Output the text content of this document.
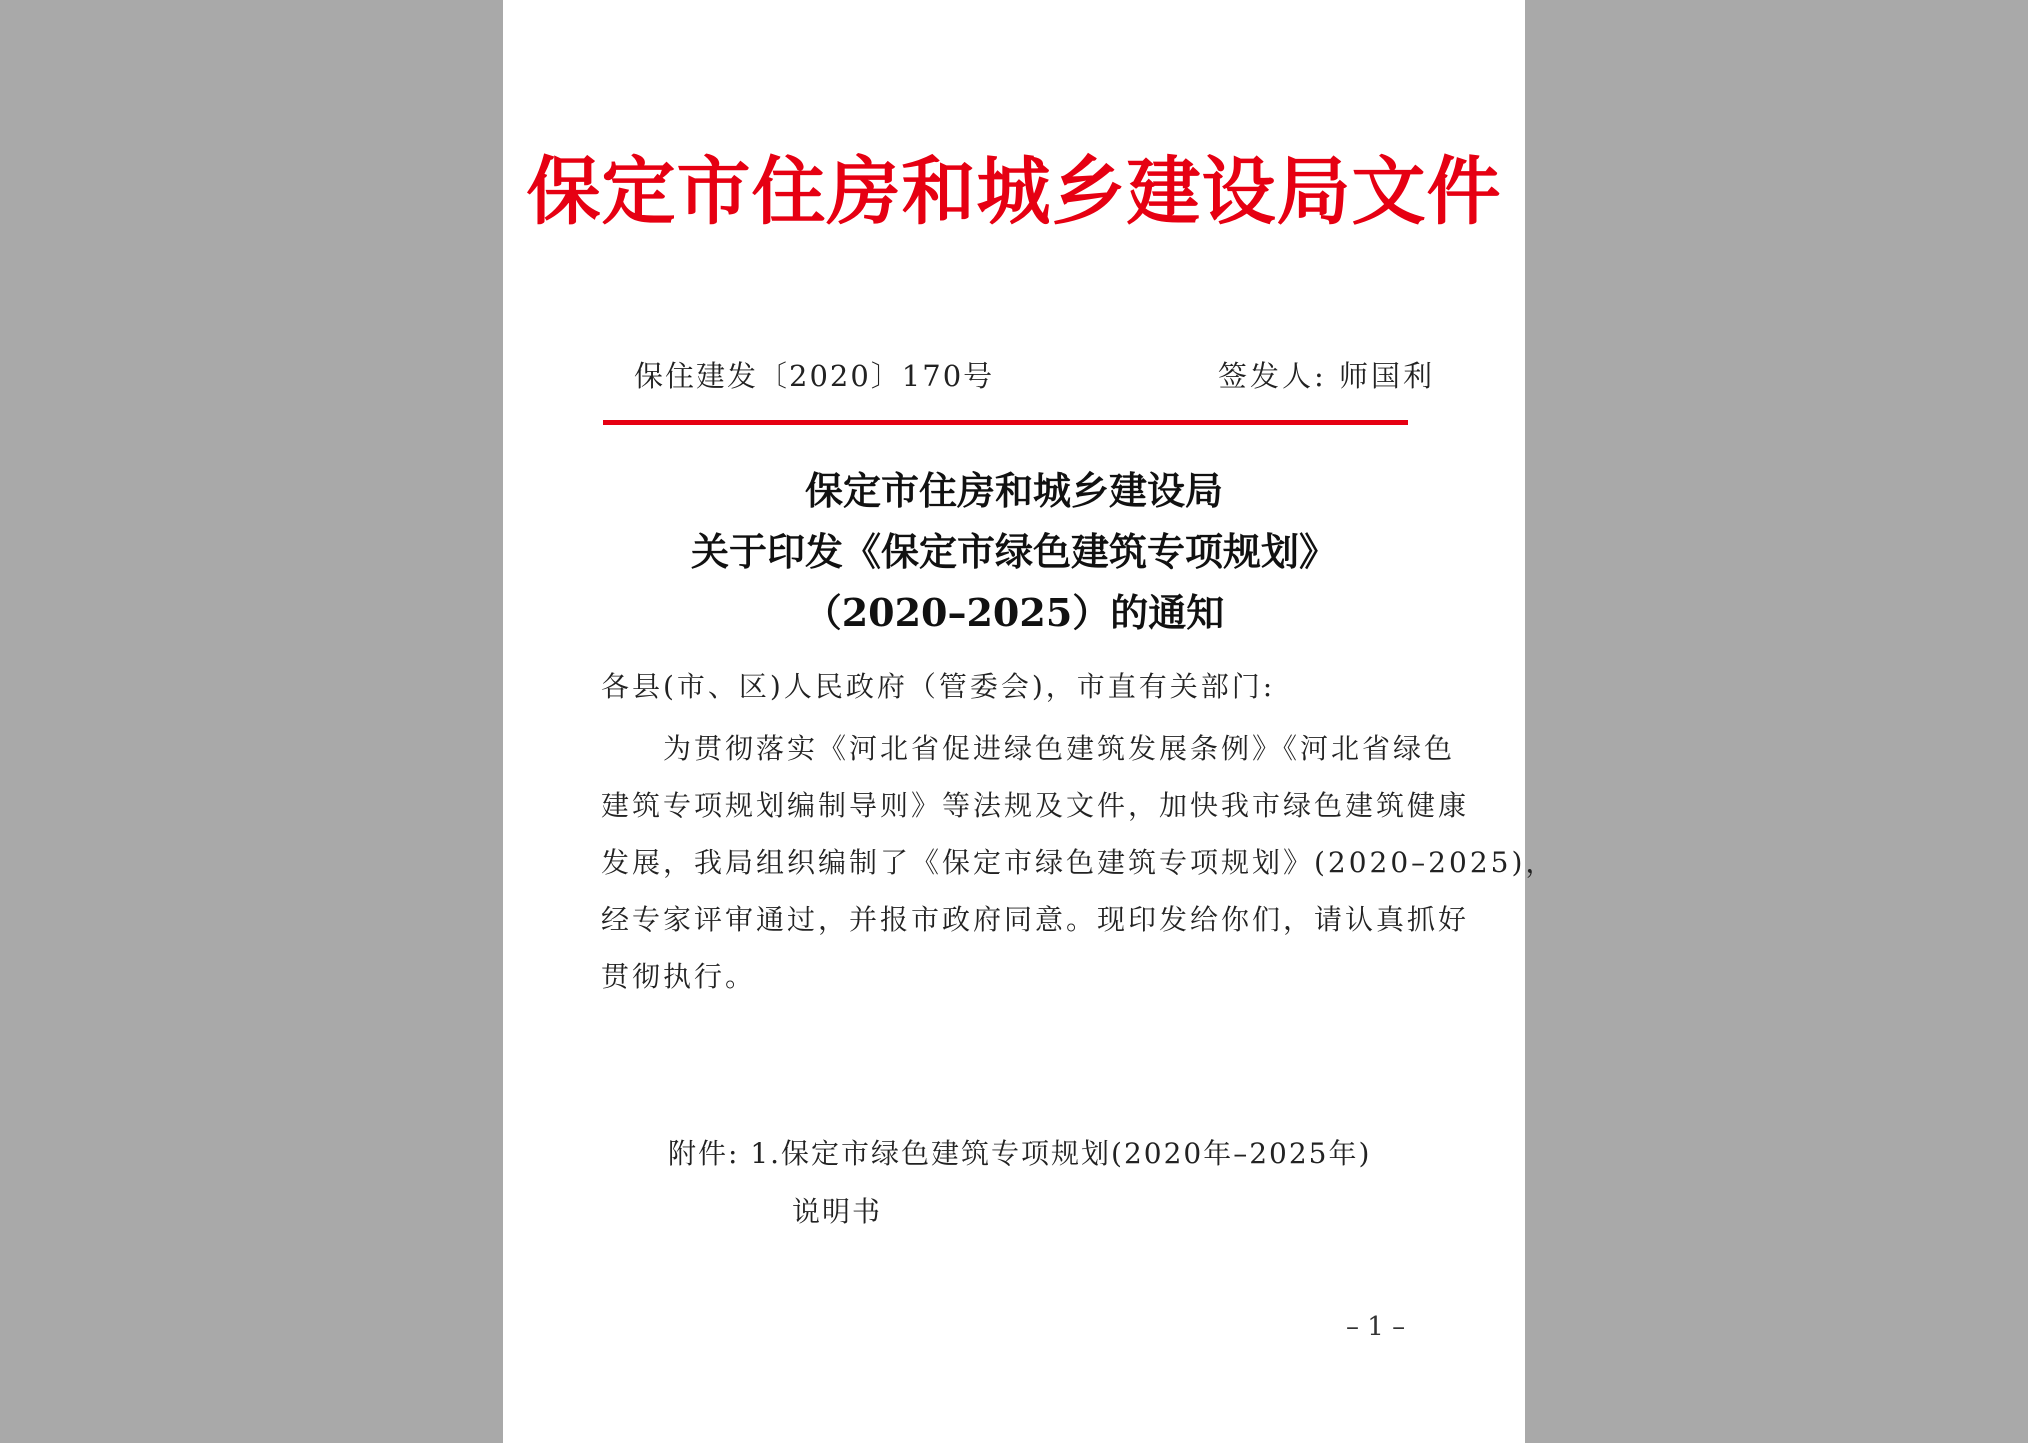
保定市住房和城乡建设局文件
保住建发〔2020〕170号	签发人: 师国利
保定市住房和城乡建设局
关于印发《保定市绿色建筑专项规划》
（2020–2025）的通知
各县(市、区)人民政府（管委会)，市直有关部门:
为贯彻落实《河北省促进绿色建筑发展条例》《河北省绿色
建筑专项规划编制导则》等法规及文件，加快我市绿色建筑健康
发展，我局组织编制了《保定市绿色建筑专项规划》(2020–2025)，
经专家评审通过，并报市政府同意。现印发给你们，请认真抓好
贯彻执行。
附件: 1.保定市绿色建筑专项规划(2020年–2025年)
说明书
– 1 –
